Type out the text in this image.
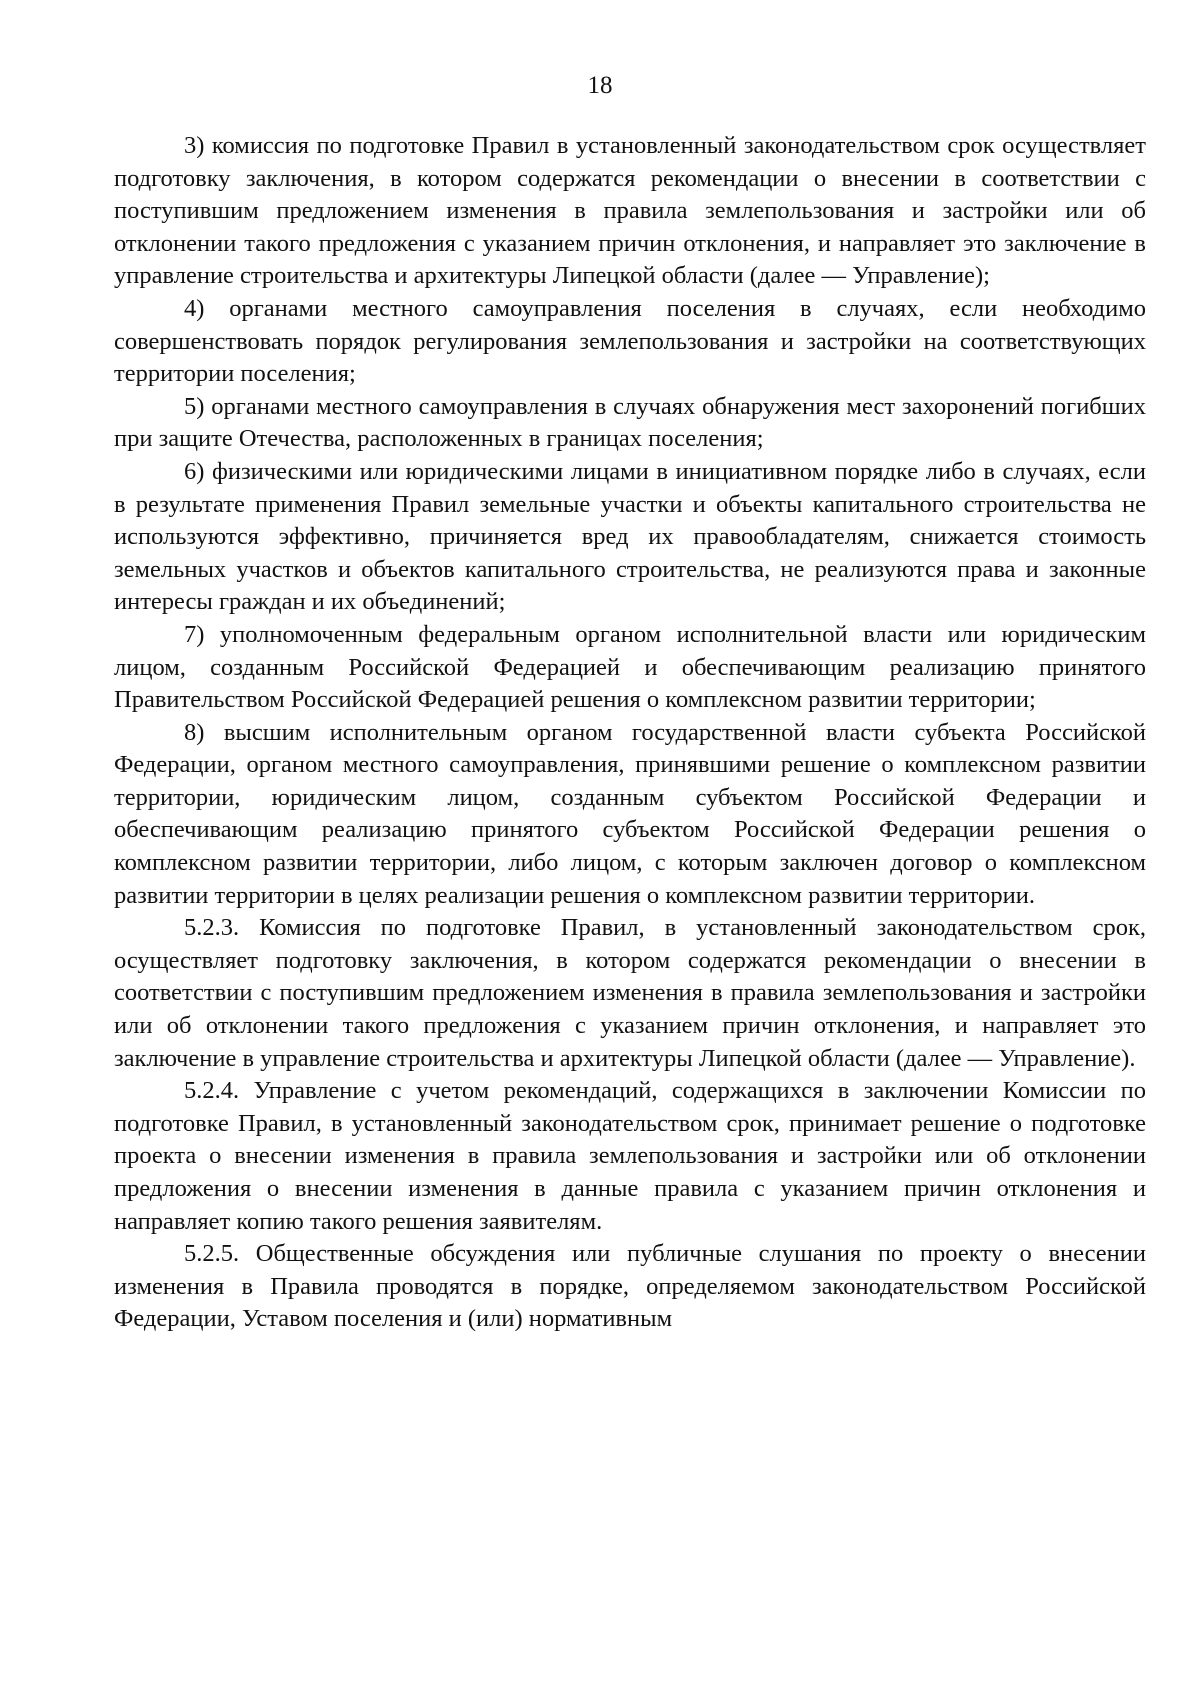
18

3) комиссия по подготовке Правил в установленный законодательством срок осуществляет подготовку заключения, в котором содержатся рекомендации о внесении в соответствии с поступившим предложением изменения в правила землепользования и застройки или об отклонении такого предложения с указанием причин отклонения, и направляет это заключение в управление строительства и архитектуры Липецкой области (далее — Управление);

4) органами местного самоуправления поселения в случаях, если необходимо совершенствовать порядок регулирования землепользования и застройки на соответствующих территории поселения;

5) органами местного самоуправления в случаях обнаружения мест захоронений погибших при защите Отечества, расположенных в границах поселения;

6) физическими или юридическими лицами в инициативном порядке либо в случаях, если в результате применения Правил земельные участки и объекты капитального строительства не используются эффективно, причиняется вред их правообладателям, снижается стоимость земельных участков и объектов капитального строительства, не реализуются права и законные интересы граждан и их объединений;

7) уполномоченным федеральным органом исполнительной власти или юридическим лицом, созданным Российской Федерацией и обеспечивающим реализацию принятого Правительством Российской Федерацией решения о комплексном развитии территории;

8) высшим исполнительным органом государственной власти субъекта Российской Федерации, органом местного самоуправления, принявшими решение о комплексном развитии территории, юридическим лицом, созданным субъектом Российской Федерации и обеспечивающим реализацию принятого субъектом Российской Федерации решения о комплексном развитии территории, либо лицом, с которым заключен договор о комплексном развитии территории в целях реализации решения о комплексном развитии территории.

5.2.3. Комиссия по подготовке Правил, в установленный законодательством срок, осуществляет подготовку заключения, в котором содержатся рекомендации о внесении в соответствии с поступившим предложением изменения в правила землепользования и застройки или об отклонении такого предложения с указанием причин отклонения, и направляет это заключение в управление строительства и архитектуры Липецкой области (далее — Управление).

5.2.4. Управление с учетом рекомендаций, содержащихся в заключении Комиссии по подготовке Правил, в установленный законодательством срок, принимает решение о подготовке проекта о внесении изменения в правила землепользования и застройки или об отклонении предложения о внесении изменения в данные правила с указанием причин отклонения и направляет копию такого решения заявителям.

5.2.5. Общественные обсуждения или публичные слушания по проекту о внесении изменения в Правила проводятся в порядке, определяемом законодательством Российской Федерации, Уставом поселения и (или) нормативным
